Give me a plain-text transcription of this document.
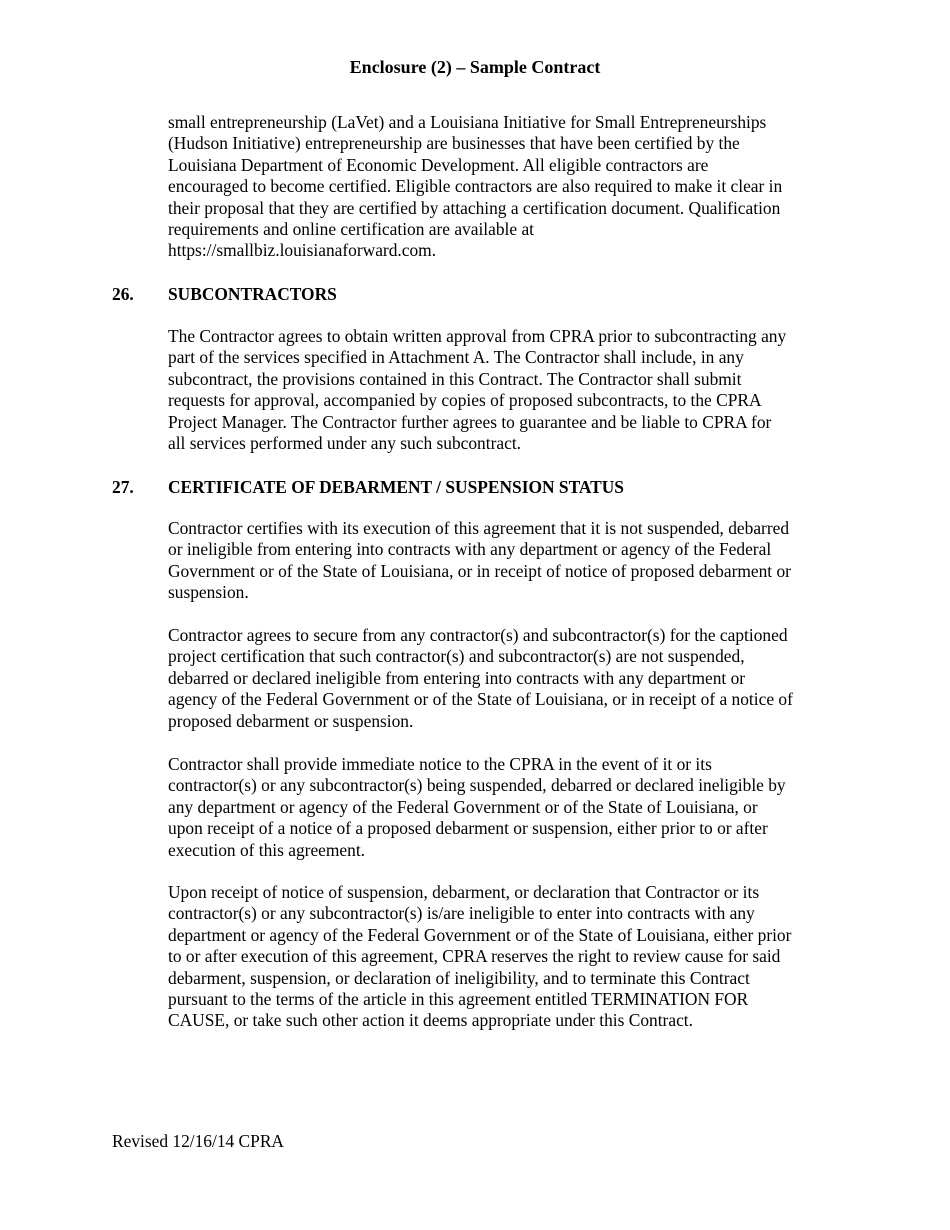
Enclosure (2) – Sample Contract
small entrepreneurship (LaVet) and a Louisiana Initiative for Small Entrepreneurships
(Hudson Initiative) entrepreneurship are businesses that have been certified by the
Louisiana Department of Economic Development. All eligible contractors are
encouraged to become certified. Eligible contractors are also required to make it clear in
their proposal that they are certified by attaching a certification document. Qualification
requirements and online certification are available at
https://smallbiz.louisianaforward.com.
26. SUBCONTRACTORS
The Contractor agrees to obtain written approval from CPRA prior to subcontracting any
part of the services specified in Attachment A. The Contractor shall include, in any
subcontract, the provisions contained in this Contract. The Contractor shall submit
requests for approval, accompanied by copies of proposed subcontracts, to the CPRA
Project Manager. The Contractor further agrees to guarantee and be liable to CPRA for
all services performed under any such subcontract.
27. CERTIFICATE OF DEBARMENT / SUSPENSION STATUS
Contractor certifies with its execution of this agreement that it is not suspended, debarred
or ineligible from entering into contracts with any department or agency of the Federal
Government or of the State of Louisiana, or in receipt of notice of proposed debarment or
suspension.
Contractor agrees to secure from any contractor(s) and subcontractor(s) for the captioned
project certification that such contractor(s) and subcontractor(s) are not suspended,
debarred or declared ineligible from entering into contracts with any department or
agency of the Federal Government or of the State of Louisiana, or in receipt of a notice of
proposed debarment or suspension.
Contractor shall provide immediate notice to the CPRA in the event of it or its
contractor(s) or any subcontractor(s) being suspended, debarred or declared ineligible by
any department or agency of the Federal Government or of the State of Louisiana, or
upon receipt of a notice of a proposed debarment or suspension, either prior to or after
execution of this agreement.
Upon receipt of notice of suspension, debarment, or declaration that Contractor or its
contractor(s) or any subcontractor(s) is/are ineligible to enter into contracts with any
department or agency of the Federal Government or of the State of Louisiana, either prior
to or after execution of this agreement, CPRA reserves the right to review cause for said
debarment, suspension, or declaration of ineligibility, and to terminate this Contract
pursuant to the terms of the article in this agreement entitled TERMINATION FOR
CAUSE, or take such other action it deems appropriate under this Contract.
Revised 12/16/14 CPRA
